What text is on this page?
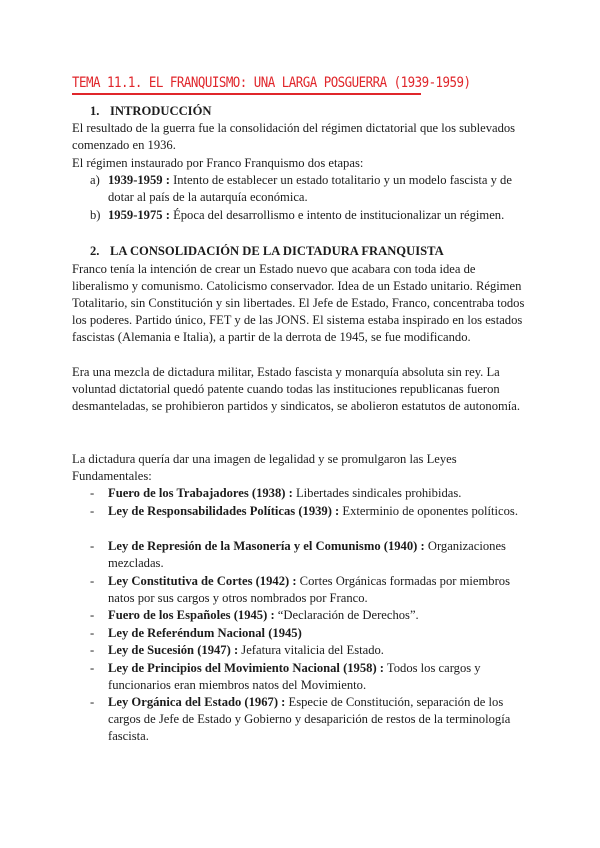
TEMA 11.1. EL FRANQUISMO: UNA LARGA POSGUERRA (1939-1959)
1. INTRODUCCIÓN
El resultado de la guerra fue la consolidación del régimen dictatorial que los sublevados comenzado en 1936.
El régimen instaurado por Franco Franquismo dos etapas:
a) 1939-1959 : Intento de establecer un estado totalitario y un modelo fascista y de dotar al país de la autarquía económica.
b) 1959-1975 : Época del desarrollismo e intento de institucionalizar un régimen.
2. LA CONSOLIDACIÓN DE LA DICTADURA FRANQUISTA
Franco tenía la intención de crear un Estado nuevo que acabara con toda idea de liberalismo y comunismo. Catolicismo conservador. Idea de un Estado unitario. Régimen Totalitario, sin Constitución y sin libertades. El Jefe de Estado, Franco, concentraba todos los poderes. Partido único, FET y de las JONS. El sistema estaba inspirado en los estados fascistas (Alemania e Italia), a partir de la derrota de 1945, se fue modificando.
Era una mezcla de dictadura militar, Estado fascista y monarquía absoluta sin rey. La voluntad dictatorial quedó patente cuando todas las instituciones republicanas fueron desmanteladas, se prohibieron partidos y sindicatos, se abolieron estatutos de autonomía.
La dictadura quería dar una imagen de legalidad y se promulgaron las Leyes Fundamentales:
- Fuero de los Trabajadores (1938) : Libertades sindicales prohibidas.
- Ley de Responsabilidades Políticas (1939) : Exterminio de oponentes políticos.
- Ley de Represión de la Masonería y el Comunismo (1940) : Organizaciones mezcladas.
- Ley Constitutiva de Cortes (1942) : Cortes Orgánicas formadas por miembros natos por sus cargos y otros nombrados por Franco.
- Fuero de los Españoles (1945) : “Declaración de Derechos”.
- Ley de Referéndum Nacional (1945)
- Ley de Sucesión (1947) : Jefatura vitalicia del Estado.
- Ley de Principios del Movimiento Nacional (1958) : Todos los cargos y funcionarios eran miembros natos del Movimiento.
- Ley Orgánica del Estado (1967) : Especie de Constitución, separación de los cargos de Jefe de Estado y Gobierno y desaparición de restos de la terminología fascista.
